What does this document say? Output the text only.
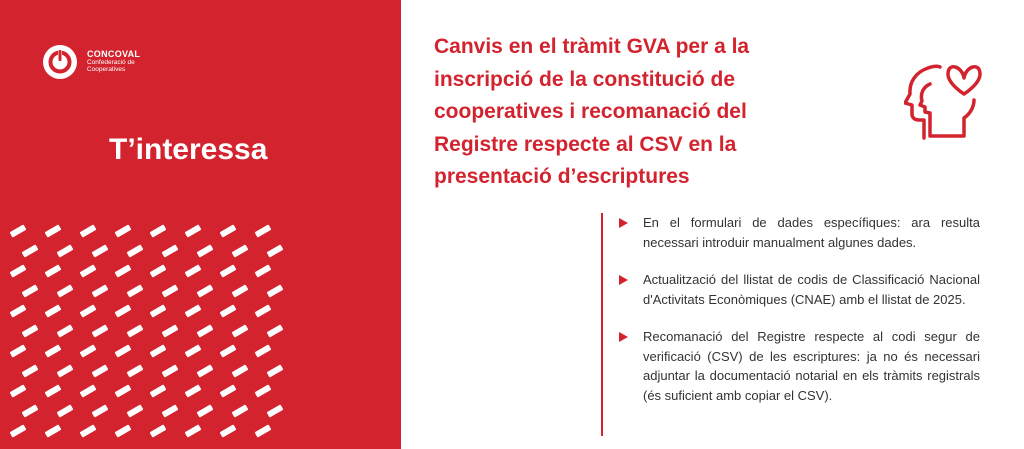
CONCOVAL
Confederació de
Cooperatives
T’interessa
Canvis en el tràmit GVA per a la inscripció de la constitució de cooperatives i recomanació del Registre respecte al CSV en la presentació d’escriptures
En el formulari de dades específiques: ara resulta necessari introduir manualment algunes dades.
Actualització del llistat de codis de Classificació Nacional d'Activitats Econòmiques (CNAE) amb el llistat de 2025.
Recomanació del Registre respecte al codi segur de verificació (CSV) de les escriptures: ja no és necessari adjuntar la documentació notarial en els tràmits registrals (és suficient amb copiar el CSV).
